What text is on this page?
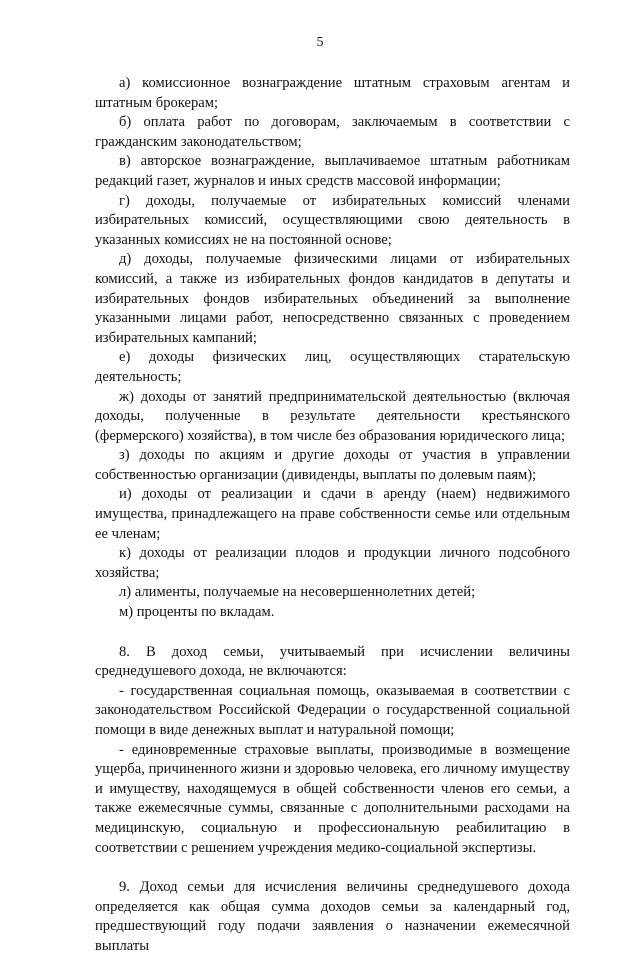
5

а) комиссионное вознаграждение штатным страховым агентам и штатным брокерам;

б) оплата работ по договорам, заключаемым в соответствии с гражданским законодательством;

в) авторское вознаграждение, выплачиваемое штатным работникам редакций газет, журналов и иных средств массовой информации;

г) доходы, получаемые от избирательных комиссий членами избирательных комиссий, осуществляющими свою деятельность в указанных комиссиях не на постоянной основе;

д) доходы, получаемые физическими лицами от избирательных комиссий, а также из избирательных фондов кандидатов в депутаты и избирательных фондов избирательных объединений за выполнение указанными лицами работ, непосредственно связанных с проведением избирательных кампаний;

е) доходы физических лиц, осуществляющих старательскую деятельность;

ж) доходы от занятий предпринимательской деятельностью (включая доходы, полученные в результате деятельности крестьянского (фермерского) хозяйства), в том числе без образования юридического лица;

з) доходы по акциям и другие доходы от участия в управлении собственностью организации (дивиденды, выплаты по долевым паям);

и) доходы от реализации и сдачи в аренду (наем) недвижимого имущества, принадлежащего на праве собственности семье или отдельным ее членам;

к) доходы от реализации плодов и продукции личного подсобного хозяйства;

л) алименты, получаемые на несовершеннолетних детей;

м) проценты по вкладам.

8. В доход семьи, учитываемый при исчислении величины среднедушевого дохода, не включаются:

- государственная социальная помощь, оказываемая в соответствии с законодательством Российской Федерации о государственной социальной помощи в виде денежных выплат и натуральной помощи;

- единовременные страховые выплаты, производимые в возмещение ущерба, причиненного жизни и здоровью человека, его личному имуществу и имуществу, находящемуся в общей собственности членов его семьи, а также ежемесячные суммы, связанные с дополнительными расходами на медицинскую, социальную и профессиональную реабилитацию в соответствии с решением учреждения медико-социальной экспертизы.

9. Доход семьи для исчисления величины среднедушевого дохода определяется как общая сумма доходов семьи за календарный год, предшествующий году подачи заявления о назначении ежемесячной выплаты
